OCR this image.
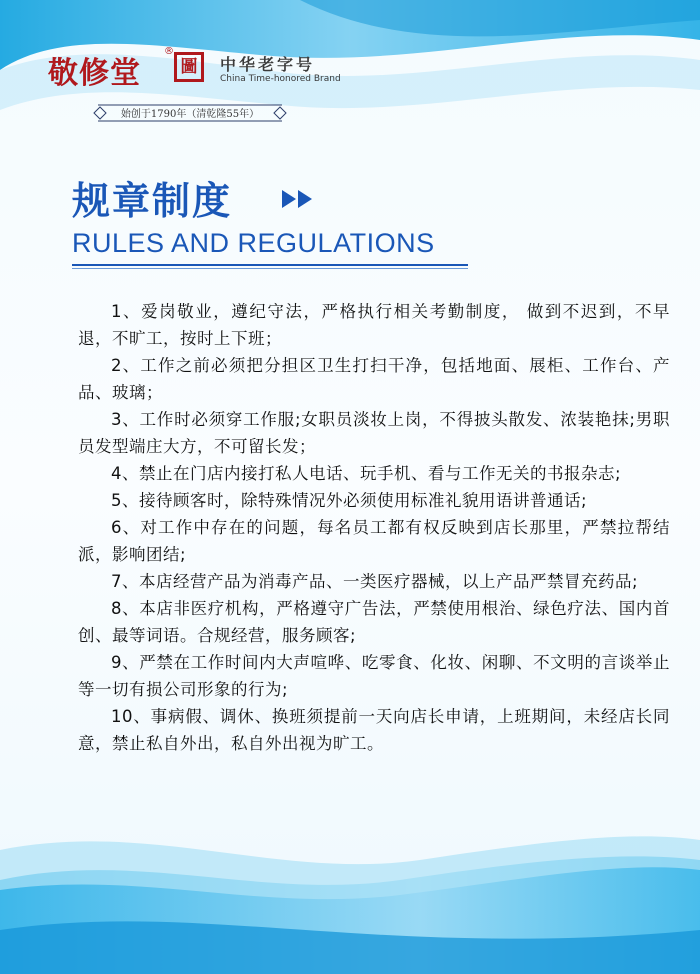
敬修堂
®
圖	中华老字号
China Time-honored Brand
始创于1790年（清乾隆55年）
规章制度
RULES AND REGULATIONS

1、爱岗敬业，遵纪守法，严格执行相关考勤制度， 做到不迟到，不早退，不旷工，按时上下班；

2、工作之前必须把分担区卫生打扫干净，包括地面、展柜、工作台、产品、玻璃；

3、工作时必须穿工作服;女职员淡妆上岗，不得披头散发、浓装艳抹;男职员发型端庄大方，不可留长发；

4、禁止在门店内接打私人电话、玩手机、看与工作无关的书报杂志;

5、接待顾客时，除特殊情况外必须使用标准礼貌用语讲普通话;

6、对工作中存在的问题，每名员工都有权反映到店长那里，严禁拉帮结派，影响团结;

7、本店经营产品为消毒产品、一类医疗器械，以上产品严禁冒充药品;

8、本店非医疗机构，严格遵守广告法，严禁使用根治、绿色疗法、国内首创、最等词语。合规经营，服务顾客;

9、严禁在工作时间内大声喧哗、吃零食、化妆、闲聊、不文明的言谈举止等一切有损公司形象的行为;

10、事病假、调休、换班须提前一天向店长申请，上班期间，未经店长同意，禁止私自外出，私自外出视为旷工。
